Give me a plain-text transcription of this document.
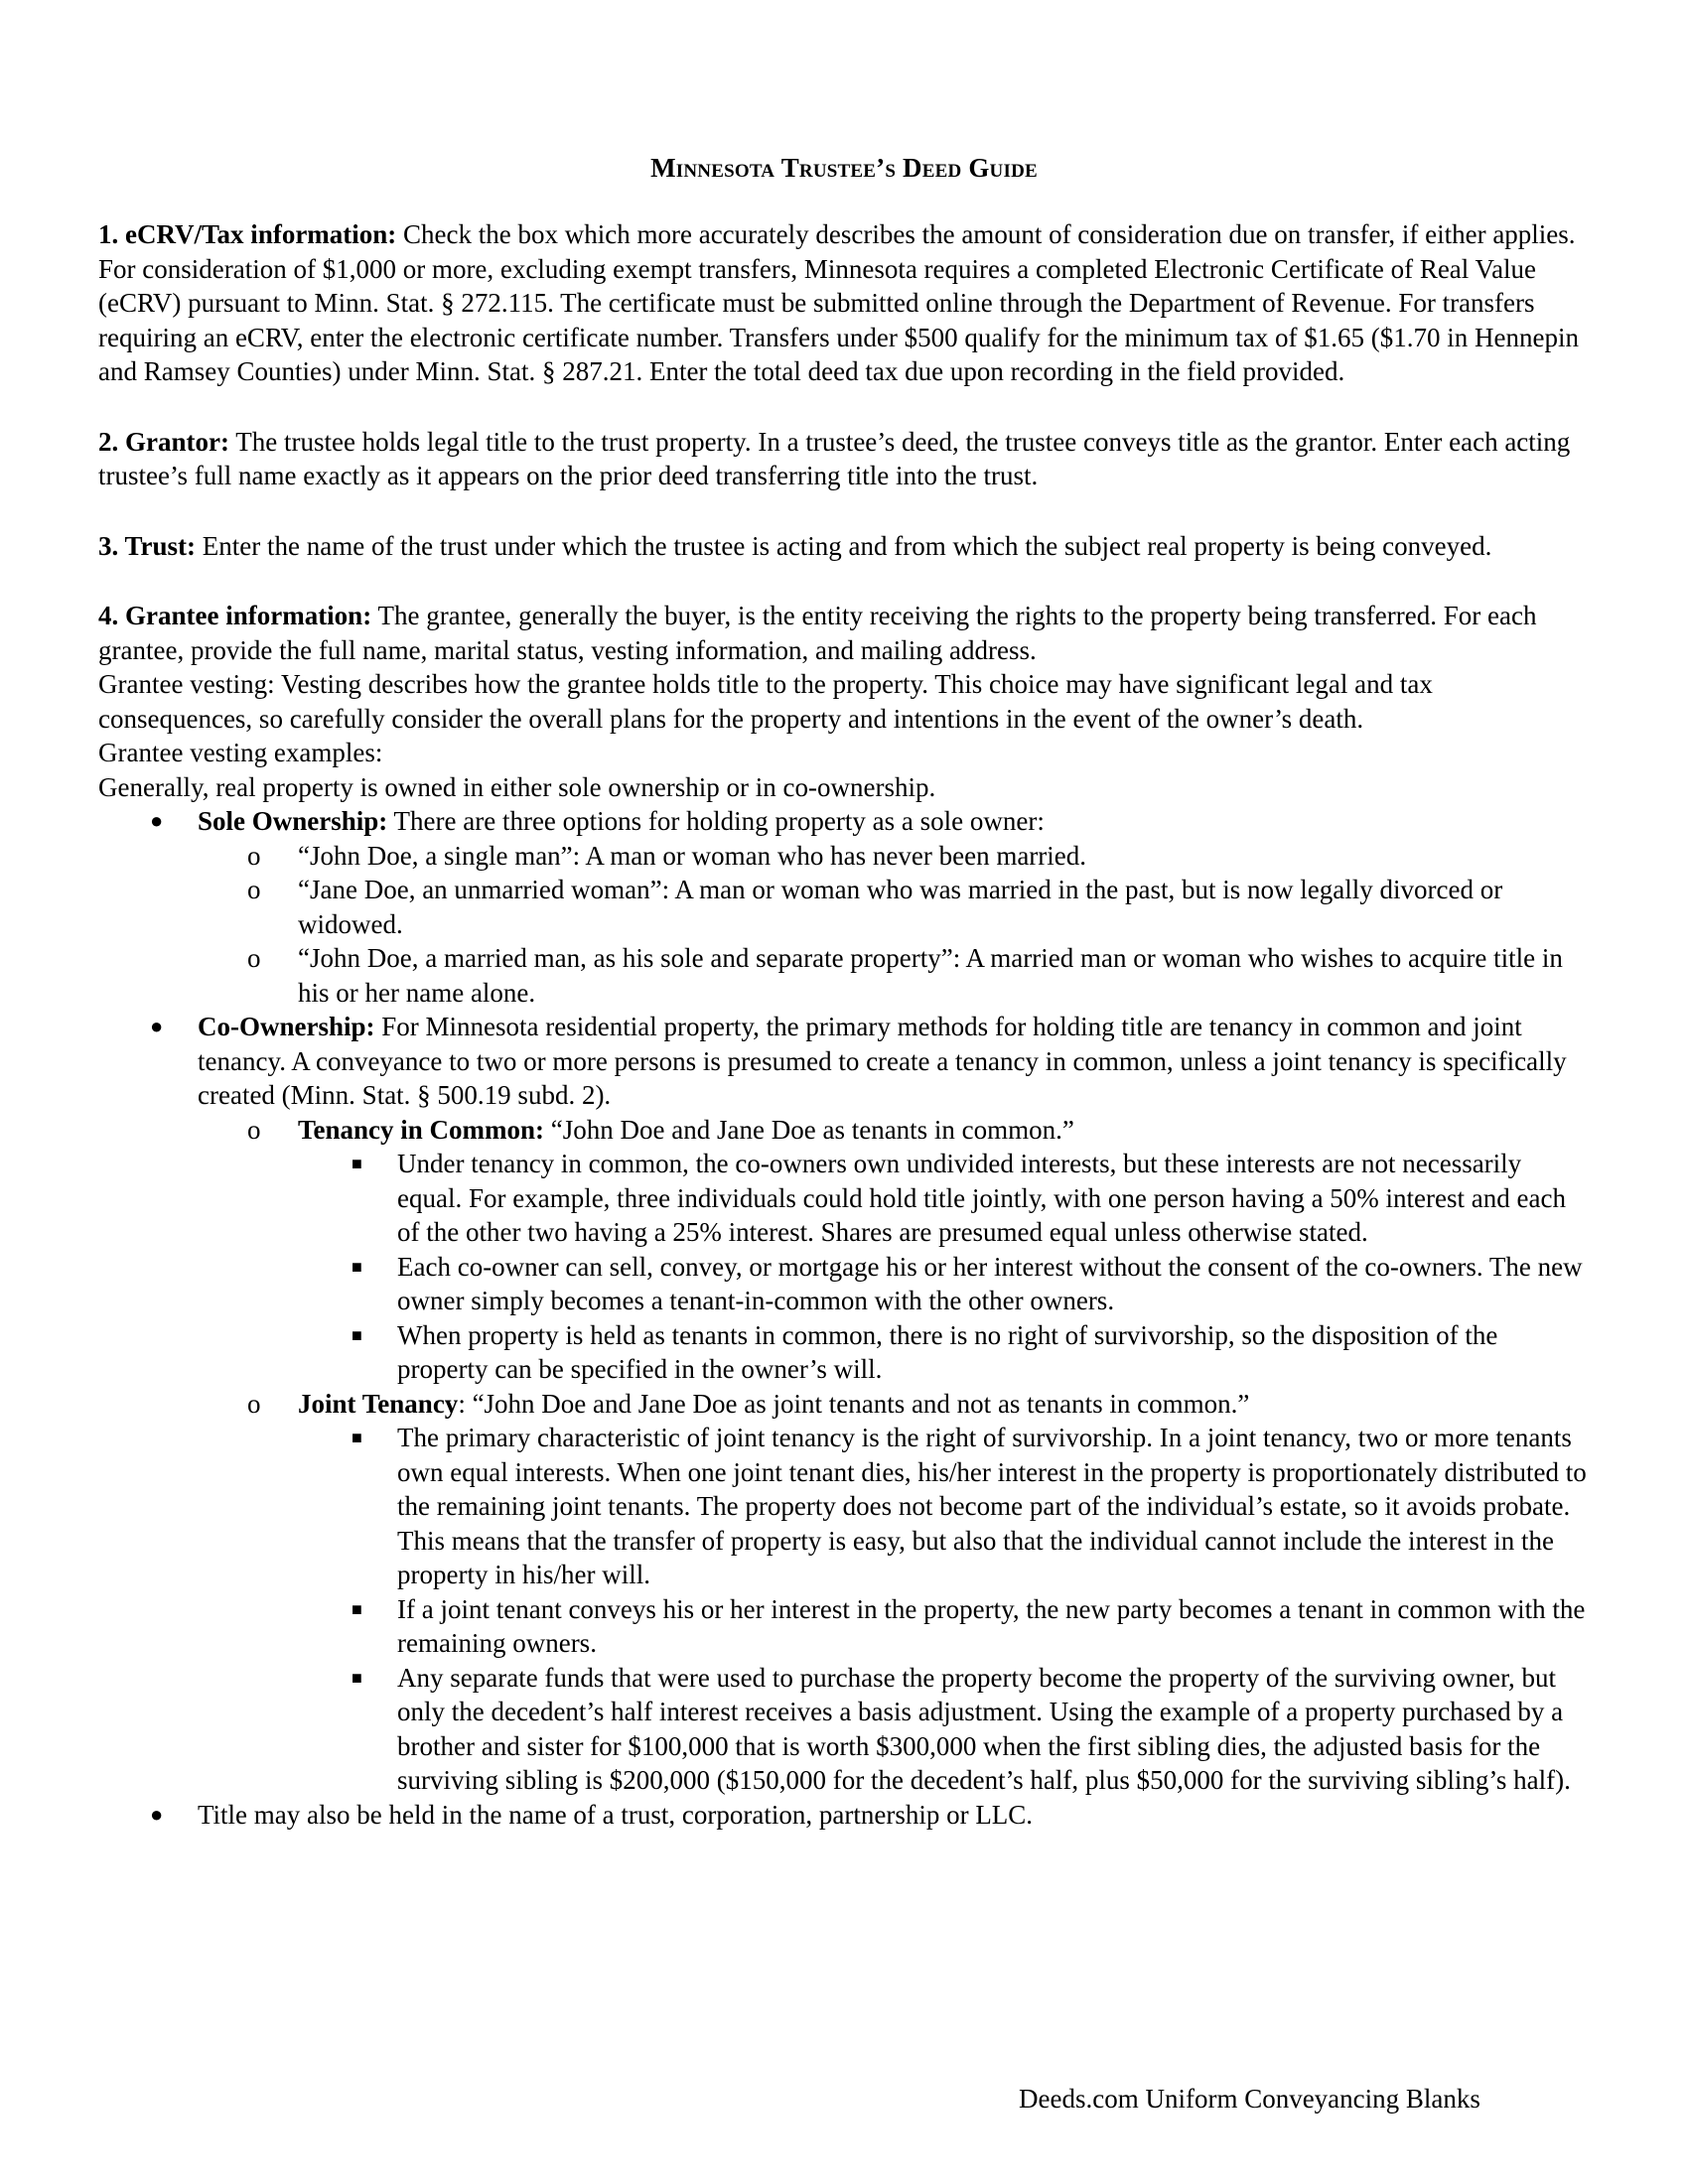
Minnesota Trustee’s Deed Guide

1. eCRV/Tax information: Check the box which more accurately describes the amount of consideration due on transfer, if either applies. For consideration of $1,000 or more, excluding exempt transfers, Minnesota requires a completed Electronic Certificate of Real Value (eCRV) pursuant to Minn. Stat. § 272.115. The certificate must be submitted online through the Department of Revenue. For transfers requiring an eCRV, enter the electronic certificate number. Transfers under $500 qualify for the minimum tax of $1.65 ($1.70 in Hennepin and Ramsey Counties) under Minn. Stat. § 287.21. Enter the total deed tax due upon recording in the field provided.

2. Grantor: The trustee holds legal title to the trust property. In a trustee’s deed, the trustee conveys title as the grantor. Enter each acting trustee’s full name exactly as it appears on the prior deed transferring title into the trust.

3. Trust: Enter the name of the trust under which the trustee is acting and from which the subject real property is being conveyed.

4. Grantee information: The grantee, generally the buyer, is the entity receiving the rights to the property being transferred. For each grantee, provide the full name, marital status, vesting information, and mailing address.

Grantee vesting: Vesting describes how the grantee holds title to the property. This choice may have significant legal and tax consequences, so carefully consider the overall plans for the property and intentions in the event of the owner’s death.

Grantee vesting examples:

Generally, real property is owned in either sole ownership or in co-ownership.

● Sole Ownership: There are three options for holding property as a sole owner:
o “John Doe, a single man”: A man or woman who has never been married.
o “Jane Doe, an unmarried woman”: A man or woman who was married in the past, but is now legally divorced or widowed.
o “John Doe, a married man, as his sole and separate property”: A married man or woman who wishes to acquire title in his or her name alone.
● Co-Ownership: For Minnesota residential property, the primary methods for holding title are tenancy in common and joint tenancy. A conveyance to two or more persons is presumed to create a tenancy in common, unless a joint tenancy is specifically created (Minn. Stat. § 500.19 subd. 2).
o Tenancy in Common: “John Doe and Jane Doe as tenants in common.”
■ Under tenancy in common, the co-owners own undivided interests, but these interests are not necessarily equal. For example, three individuals could hold title jointly, with one person having a 50% interest and each of the other two having a 25% interest. Shares are presumed equal unless otherwise stated.
■ Each co-owner can sell, convey, or mortgage his or her interest without the consent of the co-owners. The new owner simply becomes a tenant-in-common with the other owners.
■ When property is held as tenants in common, there is no right of survivorship, so the disposition of the property can be specified in the owner’s will.
o Joint Tenancy: “John Doe and Jane Doe as joint tenants and not as tenants in common.”
■ The primary characteristic of joint tenancy is the right of survivorship. In a joint tenancy, two or more tenants own equal interests. When one joint tenant dies, his/her interest in the property is proportionately distributed to the remaining joint tenants. The property does not become part of the individual’s estate, so it avoids probate. This means that the transfer of property is easy, but also that the individual cannot include the interest in the property in his/her will.
■ If a joint tenant conveys his or her interest in the property, the new party becomes a tenant in common with the remaining owners.
■ Any separate funds that were used to purchase the property become the property of the surviving owner, but only the decedent’s half interest receives a basis adjustment. Using the example of a property purchased by a brother and sister for $100,000 that is worth $300,000 when the first sibling dies, the adjusted basis for the surviving sibling is $200,000 ($150,000 for the decedent’s half, plus $50,000 for the surviving sibling’s half).
● Title may also be held in the name of a trust, corporation, partnership or LLC.
Deeds.com Uniform Conveyancing Blanks
